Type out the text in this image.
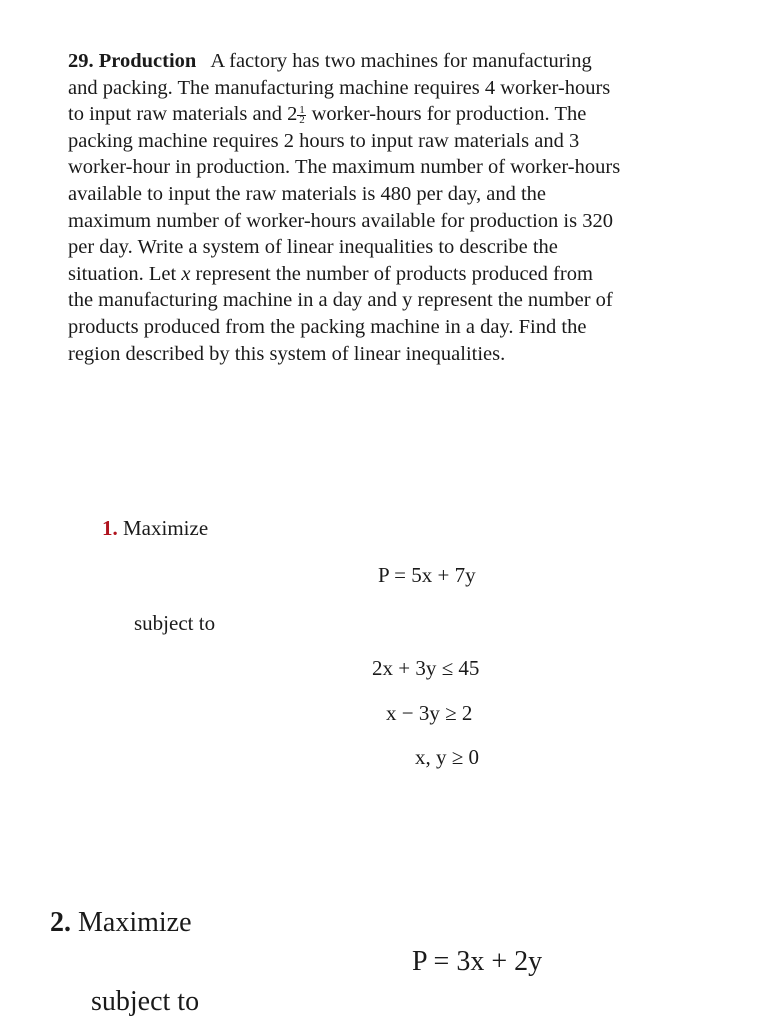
29. Production A factory has two machines for manufacturing
and packing. The manufacturing machine requires 4 worker-hours
to input raw materials and $2 \frac{1}{2}$ worker-hours for production. The
packing machine requires 2 hours to input raw materials and 3
worker-hour in production. The maximum number of worker-hours
available to input the raw materials is 480 per day, and the
maximum number of worker-hours available for production is 320
per day. Write a system of linear inequalities to describe the
situation. Let x represent the number of products produced from
the manufacturing machine in a day and y represent the number of
products produced from the packing machine in a day. Find the
region described by this system of linear inequalities.
1. Maximize
P = 5x + 7y
subject to
2x + 3y ≤ 45
x − 3y ≥ 2
x, y ≥ 0
2. Maximize
P = 3x + 2y
subject to
